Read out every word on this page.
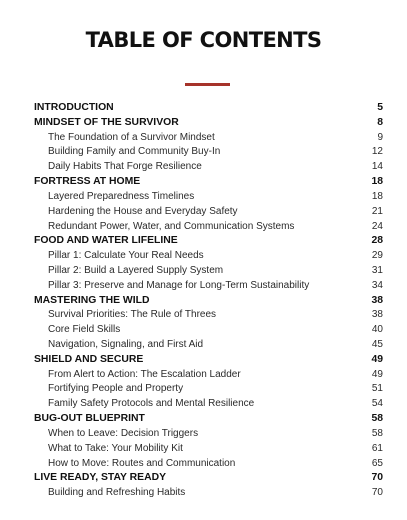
TABLE OF CONTENTS
INTRODUCTION	5
MINDSET OF THE SURVIVOR	8
The Foundation of a Survivor Mindset	9
Building Family and Community Buy-In	12
Daily Habits That Forge Resilience	14
FORTRESS AT HOME	18
Layered Preparedness Timelines	18
Hardening the House and Everyday Safety	21
Redundant Power, Water, and Communication Systems	24
FOOD AND WATER LIFELINE	28
Pillar 1: Calculate Your Real Needs	29
Pillar 2: Build a Layered Supply System	31
Pillar 3: Preserve and Manage for Long-Term Sustainability	34
MASTERING THE WILD	38
Survival Priorities: The Rule of Threes	38
Core Field Skills	40
Navigation, Signaling, and First Aid	45
SHIELD AND SECURE	49
From Alert to Action: The Escalation Ladder	49
Fortifying People and Property	51
Family Safety Protocols and Mental Resilience	54
BUG-OUT BLUEPRINT	58
When to Leave: Decision Triggers	58
What to Take: Your Mobility Kit	61
How to Move: Routes and Communication	65
LIVE READY, STAY READY	70
Building and Refreshing Habits	70
